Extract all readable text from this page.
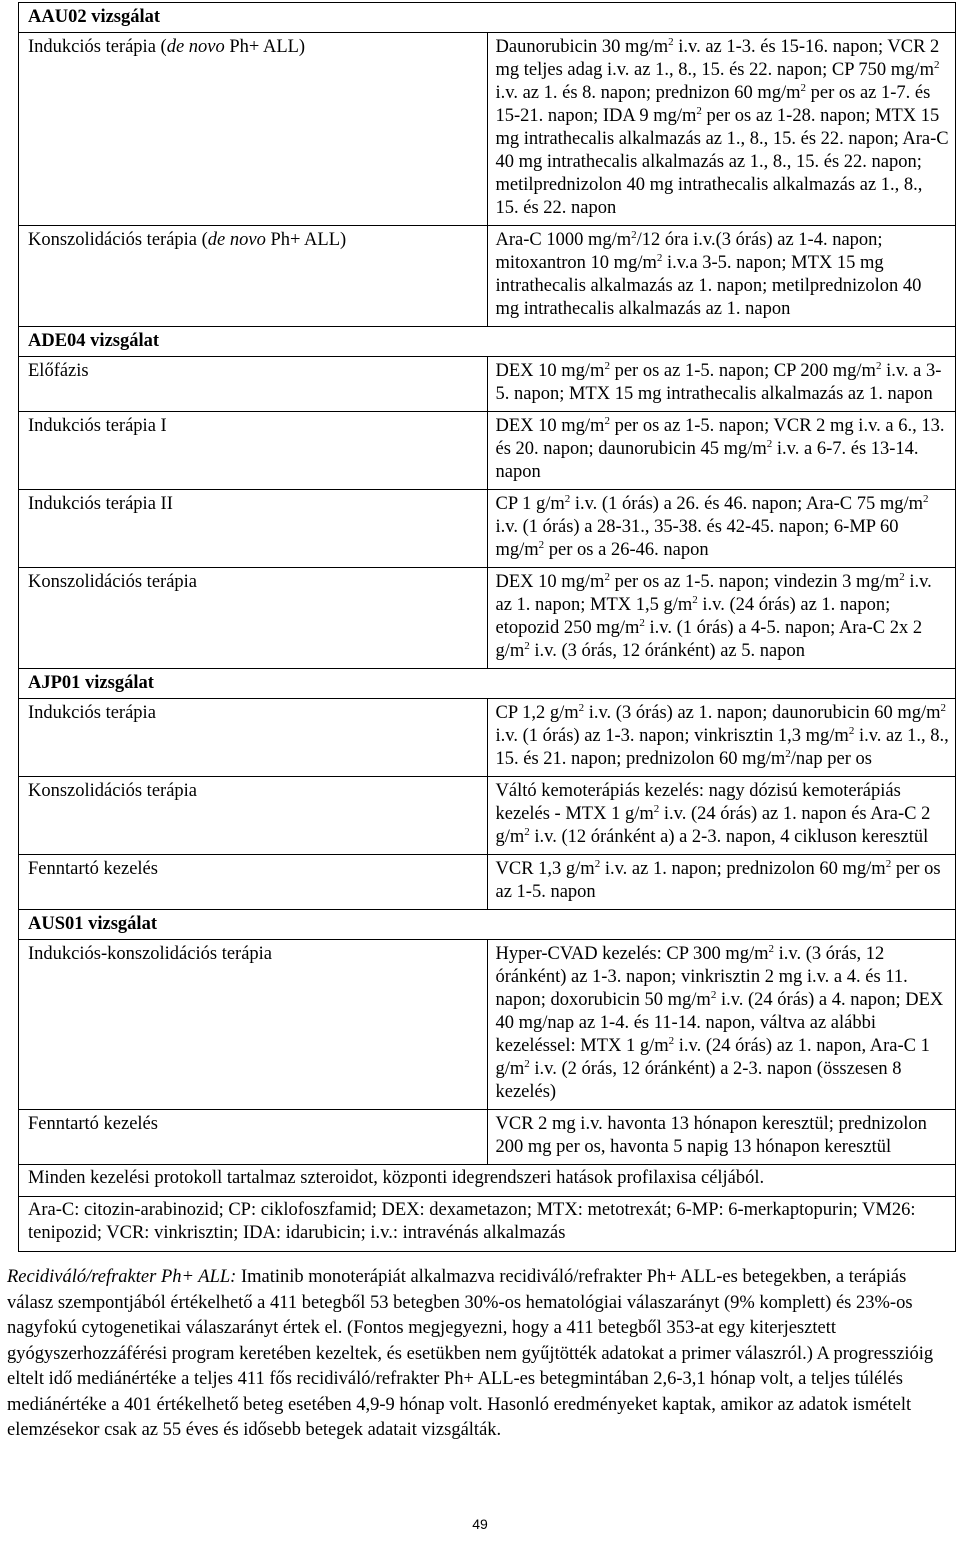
AAU02 vizsgálat	
Indukciós terápia (de novo Ph+ ALL)	Daunorubicin 30 $mg/m^2$ i.v. az 1-3. és 15-16. napon; VCR 2 mg teljes adag i.v. az 1., 8., 15. és 22. napon; CP 750 $mg/m^2$ i.v. az 1. és 8. napon; prednizon 60 $mg/m^2$ per os az 1-7. és 15-21. napon; IDA 9 $mg/m^2$ per os az 1-28. napon; MTX 15 mg intrathecalis alkalmazás az 1., 8., 15. és 22. napon; Ara-C 40 mg intrathecalis alkalmazás az 1., 8., 15. és 22. napon; metilprednizolon 40 mg intrathecalis alkalmazás az 1., 8., 15. és 22. napon
Konszolidációs terápia (de novo Ph+ ALL)	Ara-C 1000 $mg/m^2/12$ óra i.v.(3 órás) az 1-4. napon; mitoxantron 10 $mg/m^2$ i.v.a 3-5. napon; MTX 15 mg intrathecalis alkalmazás az 1. napon; metilprednizolon 40 mg intrathecalis alkalmazás az 1. napon
ADE04 vizsgálat	
Előfázis	DEX 10 $mg/m^2$ per os az 1-5. napon; CP 200 $mg/m^2$ i.v. a 3-5. napon; MTX 15 mg intrathecalis alkalmazás az 1. napon
Indukciós terápia I	DEX 10 $mg/m^2$ per os az 1-5. napon; VCR 2 mg i.v. a 6., 13. és 20. napon; daunorubicin 45 $mg/m^2$ i.v. a 6-7. és 13-14. napon
Indukciós terápia II	CP 1 $g/m^2$ i.v. (1 órás) a 26. és 46. napon; Ara-C 75 $mg/m^2$ i.v. (1 órás) a 28-31., 35-38. és 42-45. napon; 6-MP 60 $mg/m^2$ per os a 26-46. napon
Konszolidációs terápia	DEX 10 $mg/m^2$ per os az 1-5. napon; vindezin 3 $mg/m^2$ i.v. az 1. napon; MTX 1,5 $g/m^2$ i.v. (24 órás) az 1. napon; etopozid 250 $mg/m^2$ i.v. (1 órás) a 4-5. napon; Ara-C 2x 2 $g/m^2$ i.v. (3 órás, 12 óránként) az 5. napon
AJP01 vizsgálat	
Indukciós terápia	CP 1,2 $g/m^2$ i.v. (3 órás) az 1. napon; daunorubicin 60 $mg/m^2$ i.v. (1 órás) az 1-3. napon; vinkrisztin 1,3 $mg/m^2$ i.v. az 1., 8., 15. és 21. napon; prednizolon 60 $mg/m^2$/nap per os
Konszolidációs terápia	Váltó kemoterápiás kezelés: nagy dózisú kemoterápiás kezelés - MTX 1 $g/m^2$ i.v. (24 órás) az 1. napon és Ara-C 2 $g/m^2$ i.v. (12 óránként a) a 2-3. napon, 4 cikluson keresztül
Fenntartó kezelés	VCR 1,3 $g/m^2$ i.v. az 1. napon; prednizolon 60 $mg/m^2$ per os az 1-5. napon
AUS01 vizsgálat	
Indukciós-konszolidációs terápia	Hyper-CVAD kezelés: CP 300 $mg/m^2$ i.v. (3 órás, 12 óránként) az 1-3. napon; vinkrisztin 2 mg i.v. a 4. és 11. napon; doxorubicin 50 $mg/m^2$ i.v. (24 órás) a 4. napon; DEX 40 mg/nap az 1-4. és 11-14. napon, váltva az alábbi kezeléssel: MTX 1 $g/m^2$ i.v. (24 órás) az 1. napon, Ara-C 1 $g/m^2$ i.v. (2 órás, 12 óránként) a 2-3. napon (összesen 8 kezelés)
Fenntartó kezelés	VCR 2 mg i.v. havonta 13 hónapon keresztül; prednizolon 200 mg per os, havonta 5 napig 13 hónapon keresztül
Minden kezelési protokoll tartalmaz szteroidot, központi idegrendszeri hatások profilaxisa céljából.	
Ara-C: citozin-arabinozid; CP: ciklofoszfamid; DEX: dexametazon; MTX: metotrexát; 6-MP: 6-merkaptopurin; VM26: tenipozid; VCR: vinkrisztin; IDA: idarubicin; i.v.: intravénás alkalmazás	
Recidiváló/refrakter Ph+ ALL: Imatinib monoterápiát alkalmazva recidiváló/refrakter Ph+ ALL-es betegekben, a terápiás válasz szempontjából értékelhető a 411 betegből 53 betegben 30%-os hematológiai válaszarányt (9% komplett) és 23%-os nagyfokú cytogenetikai válaszarányt értek el. (Fontos megjegyezni, hogy a 411 betegből 353-at egy kiterjesztett gyógyszerhozzáférési program keretében kezeltek, és esetükben nem gyűjtötték adatokat a primer válaszról.) A progresszióig eltelt idő mediánértéke a teljes 411 fős recidiváló/refrakter Ph+ ALL-es betegmintában 2,6-3,1 hónap volt, a teljes túlélés mediánértéke a 401 értékelhető beteg esetében 4,9-9 hónap volt. Hasonló eredményeket kaptak, amikor az adatok ismételt elemzésekor csak az 55 éves és idősebb betegek adatait vizsgálták.
49
